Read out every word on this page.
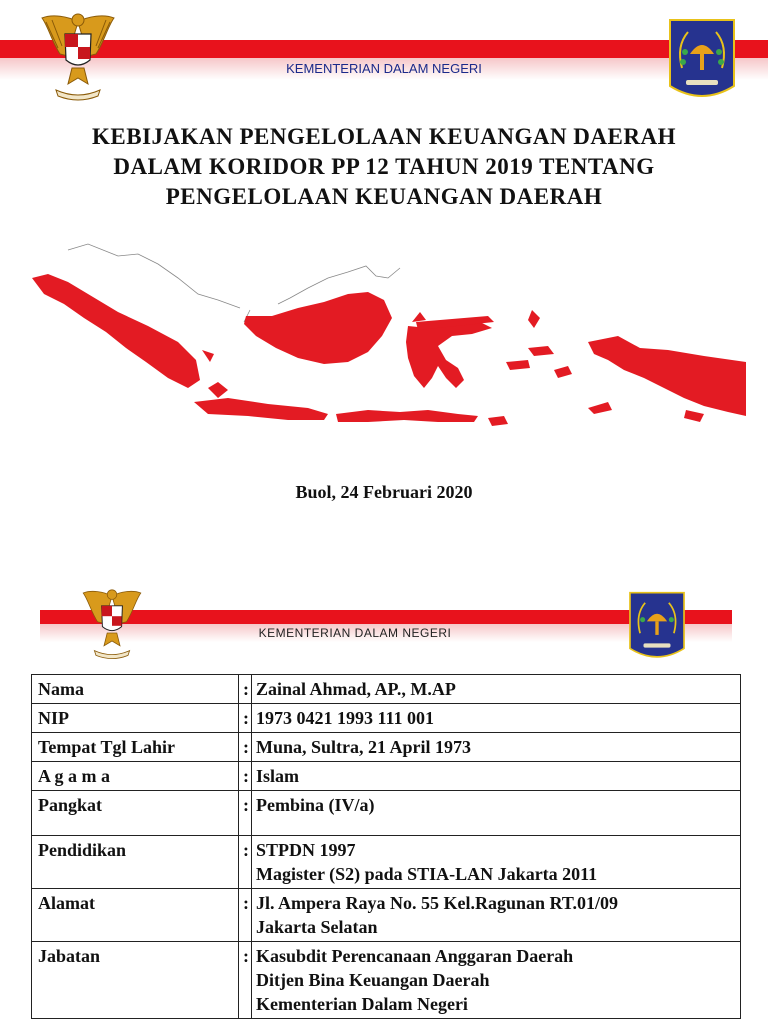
KEMENTERIAN DALAM NEGERI
KEBIJAKAN PENGELOLAAN KEUANGAN DAERAH
DALAM KORIDOR PP 12 TAHUN 2019 TENTANG
PENGELOLAAN KEUANGAN DAERAH
Buol, 24 Februari 2020
KEMENTERIAN DALAM NEGERI
Nama	:	Zainal Ahmad, AP., M.AP

NIP	:	1973 0421 1993 111 001

Tempat Tgl Lahir	:	Muna, Sultra, 21 April 1973

A g a m a	:	Islam

Pangkat	:	Pembina (IV/a)

Pendidikan	:	STPDN 1997
Magister (S2) pada STIA-LAN Jakarta 2011

Alamat	:	Jl. Ampera Raya No. 55 Kel.Ragunan RT.01/09
Jakarta Selatan

Jabatan	:	Kasubdit Perencanaan Anggaran Daerah
Ditjen Bina Keuangan Daerah
Kementerian Dalam Negeri
